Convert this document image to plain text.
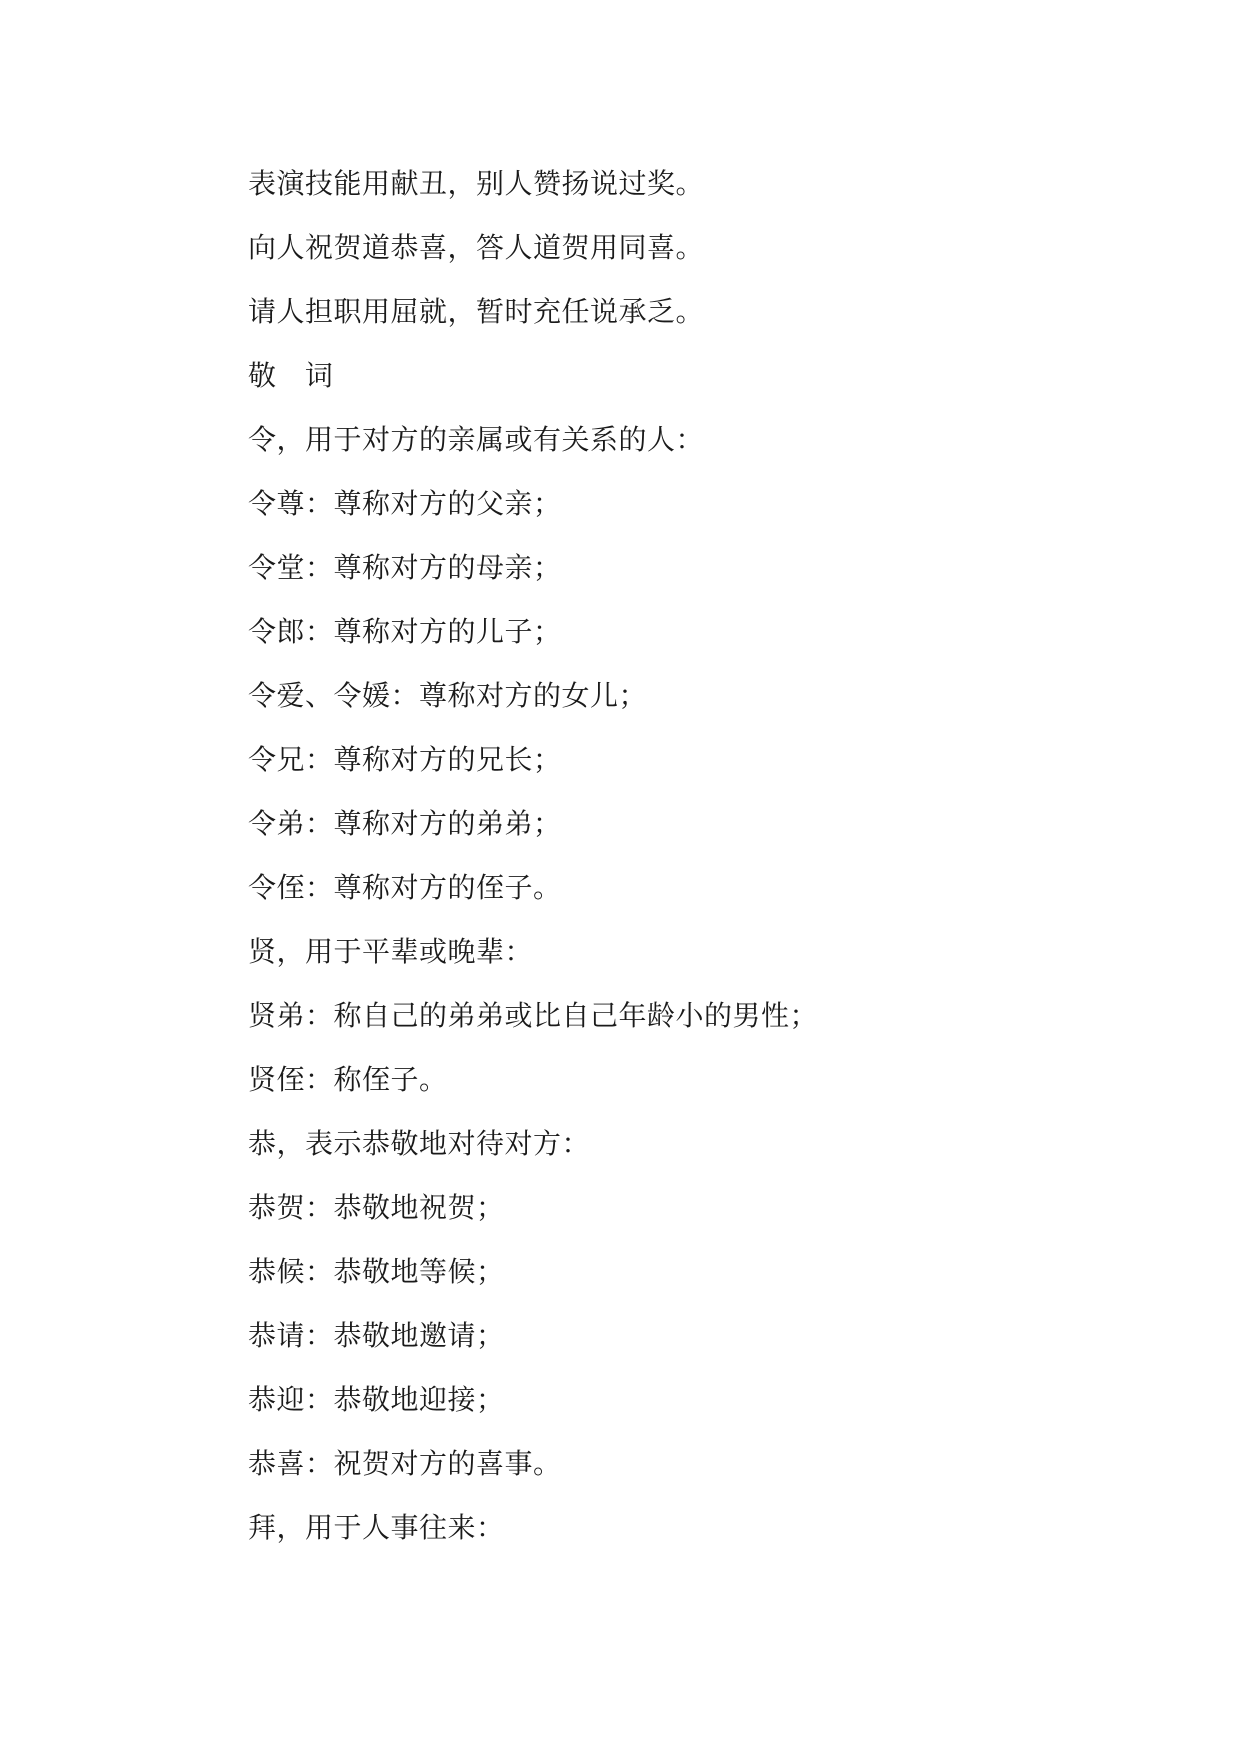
表演技能用献丑，别人赞扬说过奖。
向人祝贺道恭喜，答人道贺用同喜。
请人担职用屈就，暂时充任说承乏。
敬 词
令，用于对方的亲属或有关系的人：
令尊：尊称对方的父亲；
令堂：尊称对方的母亲；
令郎：尊称对方的儿子；
令爱、令媛：尊称对方的女儿；
令兄：尊称对方的兄长；
令弟：尊称对方的弟弟；
令侄：尊称对方的侄子。
贤，用于平辈或晚辈：
贤弟：称自己的弟弟或比自己年龄小的男性；
贤侄：称侄子。
恭，表示恭敬地对待对方：
恭贺：恭敬地祝贺；
恭候：恭敬地等候；
恭请：恭敬地邀请；
恭迎：恭敬地迎接；
恭喜：祝贺对方的喜事。
拜，用于人事往来：
